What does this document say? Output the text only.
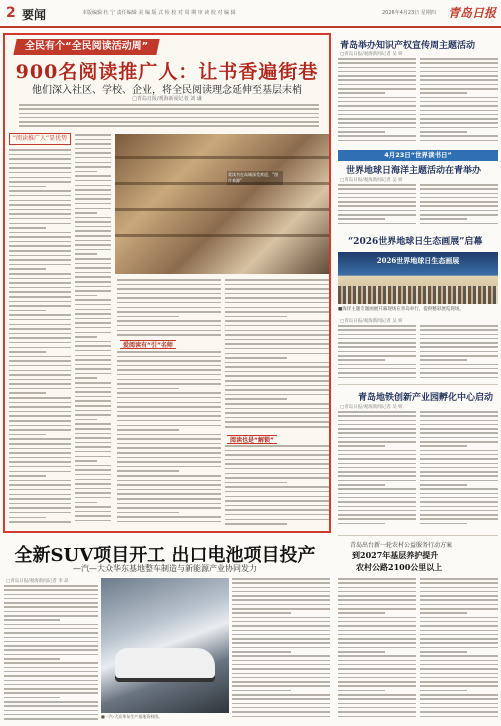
2 要闻	本版编辑 杜 宁 责任编辑 美 编 版 式 检 校 对 周 期 审 读 校 对 编 辑	2026年4月23日 星期四 青岛日报
全民有个“全民阅读活动周”
900名阅读推广人：让书香遍街巷
他们深入社区、学校、企业，将全民阅读理念延伸至基层末梢
□青岛日报/观海新闻记者 刘 谦
“阅读推广人”显优势
爱读书在岛城深受欢迎，“图片来源”
爱阅读有“引”名师
阅读也是“解锁”
青岛举办知识产权宣传周主题活动
□青岛日报/观海新闻记者 吴 妍
4月23日“世界读书日”
世界地球日海洋主题活动在青举办
□青岛日报/观海新闻记者 吴 妍
“2026世界地球日生态画展”启幕
2026世界地球日生态画展
■海洋主题专题画展开幕现场在青岛举行，提供精彩展览现场。
□青岛日报/观海新闻记者 吴 妍
青岛地铁创新产业园孵化中心启动
□青岛日报/观海新闻记者 吴 妍
青岛出台新一轮农村公益服务行动方案
到2027年基层养护提升
农村公路2100公里以上
全新SUV项目开工 出口电池项目投产
—汽—大众华东基地整车制造与新能源产业协同发力
□青岛日报/观海新闻记者 李 昂
■一汽-大众华东生产基地资料图。
